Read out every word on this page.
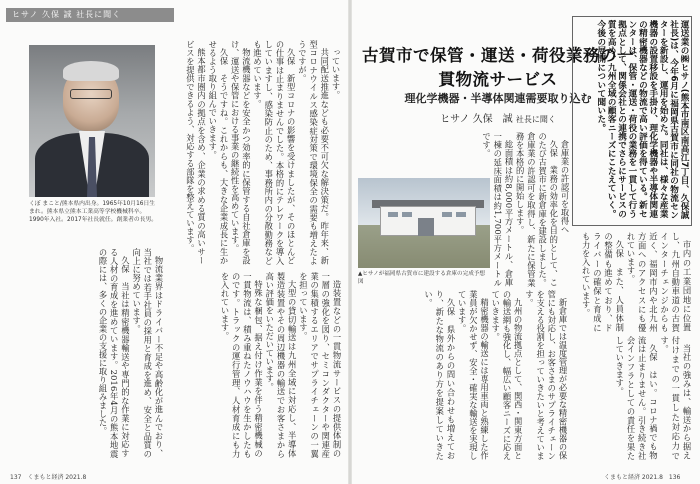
ヒサノ 久保 誠 社長に聞く
くぼ まこと/熊本県内出身。1965年10月16日生まれ。熊本県立熊本工業高等学校機械科卒。1990年入社。2017年社長就任。創業者の長男。

っています。

共同配送推進なども必要不可欠な解決策だ。昨年来、新型コロナウイルス感染症対策で環境保全の需要も増えたようですが。

久保　新型コロナの影響を受けましたが、そのほとんどの仕事は止まりませんでした。本格的にテレワークを導入していますし、感染防止のため、事務所内の分散勤務なども進めています。

物流機器などを安全かつ効率的に保管する自社倉庫を設け、運送や保管における事業の継続性を高めています。

久保　そうですね。これからも、大きな企業成長に生かせるよう取り組んでいきます。

熊本都市圏内の拠点を含め、企業の求める質の高いサービスを提供できるよう、対応する部隊を整えています。

物流業界はドライバー不足や高齢化が進んでおり、当社では若手社員の採用と育成を進め、安全と品質の向上に努めています。

久保　当社は精密機器輸送や専門的な作業に対応する人材の育成を進めています。2016年4月の熊本地震の際には、多くの企業の支援に取り組みました。	造装置などの一貫物流サービスの提供体制の一層の強化を図り、セミコンダクターや関連産業の集積するエリアでサプライチェーンの一翼を担っています。

大型の貸切輸送は九州全域に対応し、半導体製造装置やその周辺機器の輸送でお客さまから高い評価をいただいています。

特殊な梱包、据え付け作業を伴う精密機械の一貫物流は、積み重ねたノウハウを生かしたものです。トラックの運行管理、人材育成にも力を入れています。

137　くまもと経済 2021.8
古賀市で保管・運送・荷役業務の一貫物流サービス
理化学機器・半導体関連需要取り込む
ヒサノ 久保　誠 社長に聞く	運送業の㈱ヒサノ(熊本市南区南高江7丁目、久保誠社長)は、今年6月に福岡県古賀市に同社の物流センターを新設し、運用を始めた。同社は、様々な産業機器の設置移設を手掛け、理化学機器や半導体関連の精密機器などの物流で高い評価を得ている。新センターは、保管・運送・荷役の業務を一貫して行う拠点として、関係会社との連携でさらにサービスの質を高め、九州全域の顧客ニーズにこたえていく。今後の展開について聞いた。
▲ヒサノが福岡県古賀市に建設する倉庫の完成予想図

倉庫業の許認可を取得へ

久保　業務の効率化を目的として、このたび古賀市に新倉庫を建設しました。倉庫業の許認可を取得し、新たに保管業務を本格的に開始します。

総面積は約8,000平方メートル、倉庫一棟の延床面積は約1,700平方メートルです。

市内の工業団地に位置し、九州自動車道の古賀インターチェンジからも近く、福岡市内や北九州方面へのアクセスにも優れています。

久保　また、人員体制の整備も進めており、ドライバーの確保と育成にも力を入れています。

新倉庫では温度管理が必要な精密機器の保管にも対応し、お客さまのサプライチェーンを支える役割を担っていきたいと考えています。

九州の物流拠点として、関西・関東方面との輸送網も強化し、幅広い顧客ニーズに応えていきます。

精密機器の輸送には専用車両と熟練した作業員が欠かせず、安全・確実な輸送を実現しています。

久保　県外からの問い合わせも増えており、新たな物流のあり方を提案していきたい。

当社の強みは、輸送から据え付けまでの一貫した対応力です。

久保　はい。コロナ禍でも物流は止まりません。引き続き社会インフラとしての責任を果たしていきます。

くまもと経済 2021.8　136
